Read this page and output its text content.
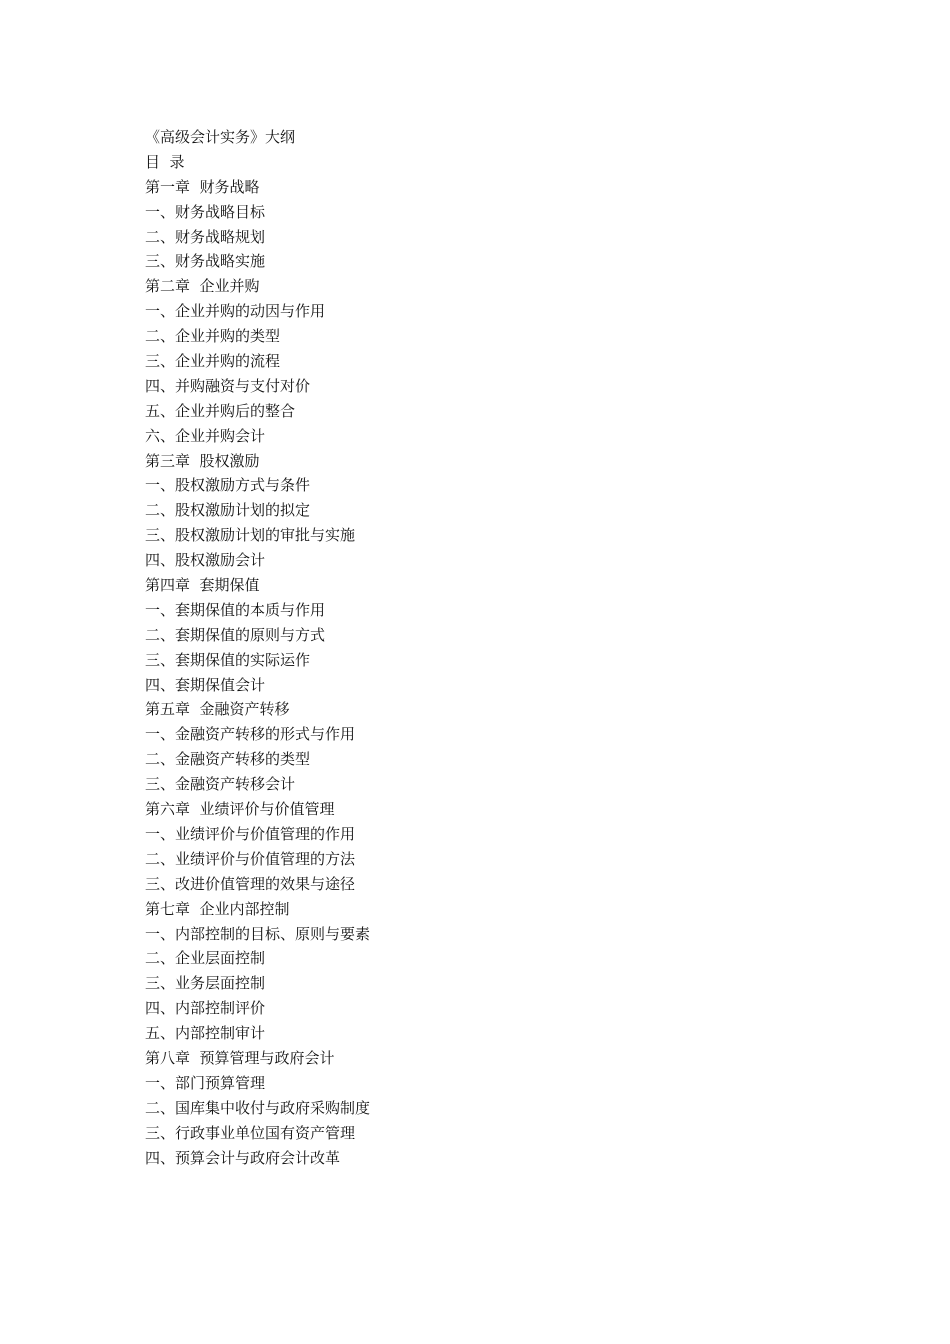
《高级会计实务》大纲
目  录
第一章  财务战略
一、财务战略目标
二、财务战略规划
三、财务战略实施
第二章  企业并购
一、企业并购的动因与作用
二、企业并购的类型
三、企业并购的流程
四、并购融资与支付对价
五、企业并购后的整合
六、企业并购会计
第三章  股权激励
一、股权激励方式与条件
二、股权激励计划的拟定
三、股权激励计划的审批与实施
四、股权激励会计
第四章  套期保值
一、套期保值的本质与作用
二、套期保值的原则与方式
三、套期保值的实际运作
四、套期保值会计
第五章  金融资产转移
一、金融资产转移的形式与作用
二、金融资产转移的类型
三、金融资产转移会计
第六章  业绩评价与价值管理
一、业绩评价与价值管理的作用
二、业绩评价与价值管理的方法
三、改进价值管理的效果与途径
第七章  企业内部控制
一、内部控制的目标、原则与要素
二、企业层面控制
三、业务层面控制
四、内部控制评价
五、内部控制审计
第八章  预算管理与政府会计
一、部门预算管理
二、国库集中收付与政府采购制度
三、行政事业单位国有资产管理
四、预算会计与政府会计改革
